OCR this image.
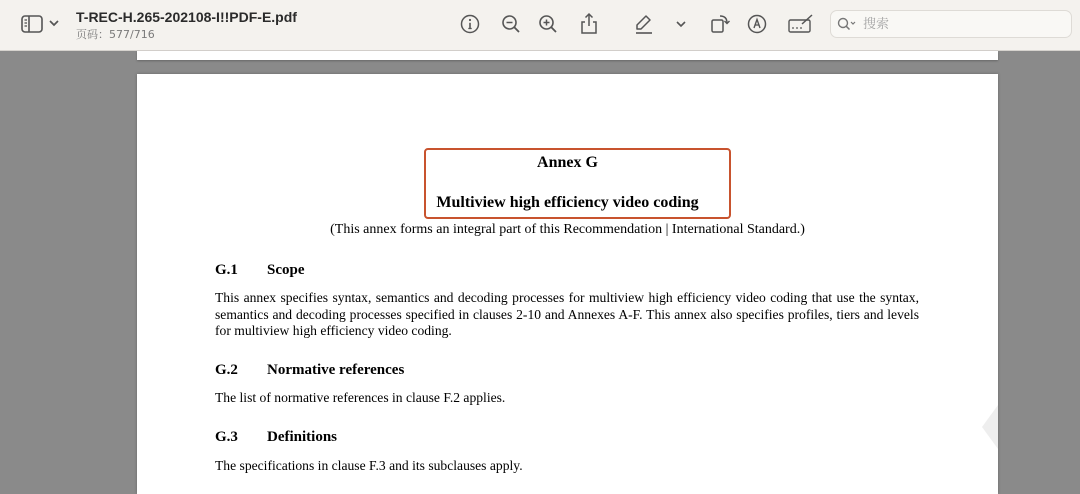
T-REC-H.265-202108-I!!PDF-E.pdf
页码：577/716
搜索
Annex G
Multiview high efficiency video coding
(This annex forms an integral part of this Recommendation | International Standard.)
G.1 Scope
This annex specifies syntax, semantics and decoding processes for multiview high efficiency video coding that use the syntax, semantics and decoding processes specified in clauses 2-10 and Annexes A-F. This annex also specifies profiles, tiers and levels for multiview high efficiency video coding.
G.2 Normative references
The list of normative references in clause F.2 applies.
G.3 Definitions
The specifications in clause F.3 and its subclauses apply.
